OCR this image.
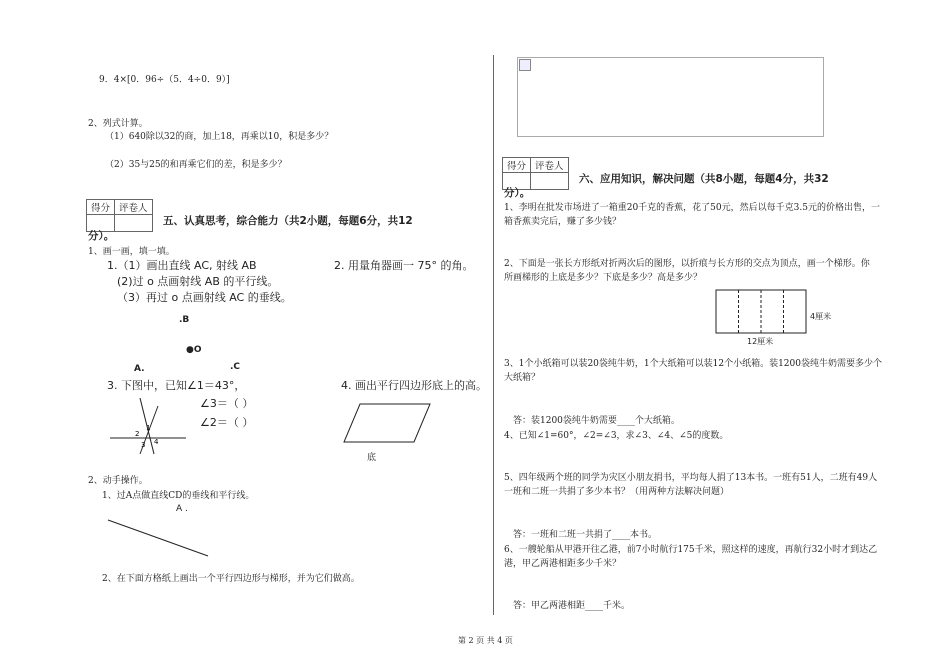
9．4×[0．96÷（5．4÷0．9）]
2、列式计算。
（1）640除以32的商，加上18，再乘以10，积是多少？
（2）35与25的和再乘它们的差，积是多少？
得分	评卷人

五、认真思考，综合能力（共2小题，每题6分，共12
分）。
1、画一画，填一填。
1.（1）画出直线 AC, 射线 AB
(2)过 o 点画射线 AB 的平行线。
（3）再过 o 点画射线 AC 的垂线。
2. 用量角器画一 75° 的角。
.B
●O
A.	.C
3. 下图中，已知∠1＝43°，
∠3＝（ ）
∠2＝（ ）
4. 画出平行四边形底上的高。
2
1
3 4
底
2、动手操作。
1、过A点做直线CD的垂线和平行线。
A .
2、在下面方格纸上画出一个平行四边形与梯形，并为它们做高。
得分	评卷人

六、应用知识，解决问题（共8小题，每题4分，共32
分）。
1、李明在批发市场进了一箱重20千克的香蕉，花了50元，然后以每千克3.5元的价格出售，一
箱香蕉卖完后，赚了多少钱？
2、下面是一张长方形纸对折两次后的图形，以折痕与长方形的交点为顶点，画一个梯形。你
所画梯形的上底是多少？下底是多少？高是多少？
4厘米
12厘米
3、1个小纸箱可以装20袋纯牛奶，1个大纸箱可以装12个小纸箱。装1200袋纯牛奶需要多少个
大纸箱？
答：装1200袋纯牛奶需要____个大纸箱。
4、已知∠1=60°，∠2=∠3，求∠3、∠4、∠5的度数。
5、四年级两个班的同学为灾区小朋友捐书，平均每人捐了13本书。一班有51人，二班有49人
一班和二班一共捐了多少本书？（用两种方法解决问题）
答：一班和二班一共捐了____本书。
6、一艘轮船从甲港开往乙港，前7小时航行175千米，照这样的速度，再航行32小时才到达乙
港，甲乙两港相距多少千米？
答：甲乙两港相距____千米。
第 2 页 共 4 页
